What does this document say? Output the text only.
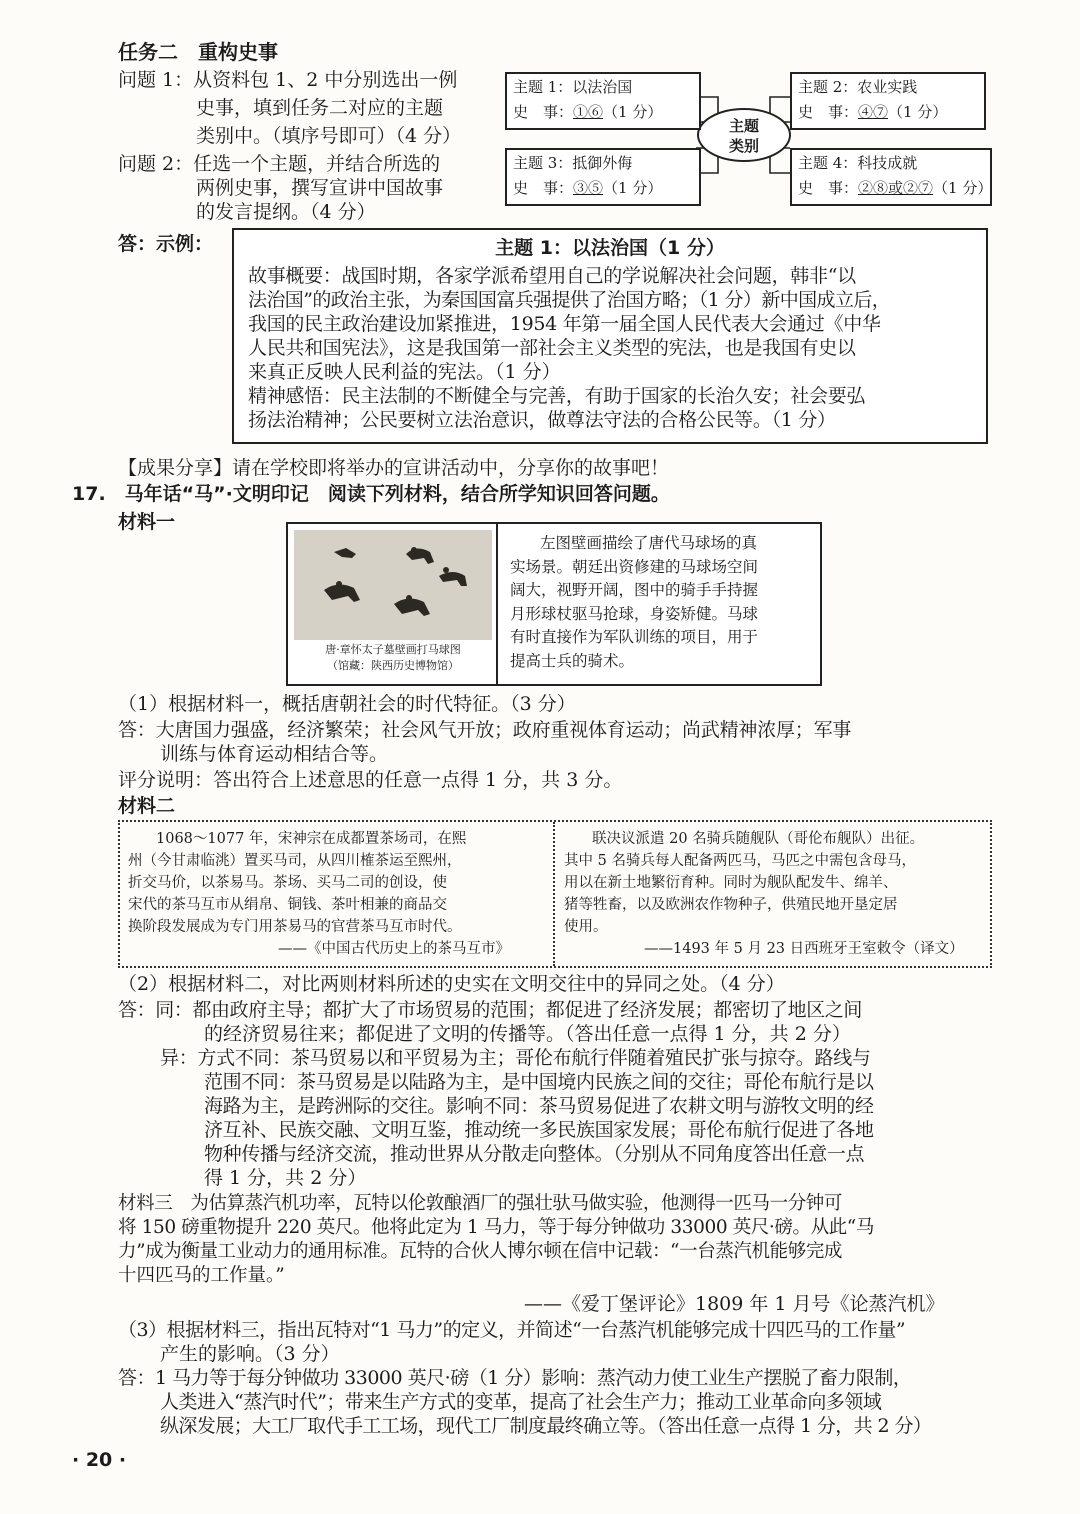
任务二　重构史事
问题 1：从资料包 1、2 中分别选出一例
史事，填到任务二对应的主题
类别中。（填序号即可）（4 分）
问题 2：任选一个主题，并结合所选的
两例史事，撰写宣讲中国故事
的发言提纲。（4 分）
主题
类别
主题 1：以法治国
史　事：①⑥（1 分）
主题 2：农业实践
史　事：④⑦（1 分）
主题 3：抵御外侮
史　事：③⑤（1 分）
主题 4：科技成就
史　事：②⑧或②⑦（1 分）
答：示例：	主题 1：以法治国（1 分）
故事概要：战国时期，各家学派希望用自己的学说解决社会问题，韩非“以
法治国”的政治主张，为秦国国富兵强提供了治国方略；（1 分）新中国成立后，
我国的民主政治建设加紧推进，1954 年第一届全国人民代表大会通过《中华
人民共和国宪法》，这是我国第一部社会主义类型的宪法，也是我国有史以
来真正反映人民利益的宪法。（1 分）
精神感悟：民主法制的不断健全与完善，有助于国家的长治久安；社会要弘
扬法治精神；公民要树立法治意识，做尊法守法的合格公民等。（1 分）
【成果分享】请在学校即将举办的宣讲活动中，分享你的故事吧！
17.　马年话“马”·文明印记　阅读下列材料，结合所学知识回答问题。
材料一
唐·章怀太子墓壁画打马球图
（馆藏：陕西历史博物馆）
左图壁画描绘了唐代马球场的真
实场景。朝廷出资修建的马球场空间
阔大，视野开阔，图中的骑手手持握
月形球杖驱马抢球，身姿矫健。马球
有时直接作为军队训练的项目，用于
提高士兵的骑术。
（1）根据材料一，概括唐朝社会的时代特征。（3 分）
答：大唐国力强盛，经济繁荣；社会风气开放；政府重视体育运动；尚武精神浓厚；军事
训练与体育运动相结合等。
评分说明：答出符合上述意思的任意一点得 1 分，共 3 分。
材料二
1068～1077 年，宋神宗在成都置茶场司，在熙
州（今甘肃临洮）置买马司，从四川榷茶运至熙州，
折交马价，以茶易马。茶场、买马二司的创设，使
宋代的茶马互市从绢帛、铜钱、茶叶相兼的商品交
换阶段发展成为专门用茶易马的官营茶马互市时代。
——《中国古代历史上的茶马互市》
联决议派遣 20 名骑兵随舰队（哥伦布舰队）出征。
其中 5 名骑兵每人配备两匹马，马匹之中需包含母马，
用以在新土地繁衍育种。同时为舰队配发牛、绵羊、
猪等牲畜，以及欧洲农作物种子，供殖民地开垦定居
使用。
——1493 年 5 月 23 日西班牙王室敕令（译文）
（2）根据材料二，对比两则材料所述的史实在文明交往中的异同之处。（4 分）
答：同：都由政府主导；都扩大了市场贸易的范围；都促进了经济发展；都密切了地区之间
的经济贸易往来；都促进了文明的传播等。（答出任意一点得 1 分，共 2 分）
异：方式不同：茶马贸易以和平贸易为主；哥伦布航行伴随着殖民扩张与掠夺。路线与
范围不同：茶马贸易是以陆路为主，是中国境内民族之间的交往；哥伦布航行是以
海路为主，是跨洲际的交往。影响不同：茶马贸易促进了农耕文明与游牧文明的经
济互补、民族交融、文明互鉴，推动统一多民族国家发展；哥伦布航行促进了各地
物种传播与经济交流，推动世界从分散走向整体。（分别从不同角度答出任意一点
得 1 分，共 2 分）
材料三　为估算蒸汽机功率，瓦特以伦敦酿酒厂的强壮驮马做实验，他测得一匹马一分钟可
将 150 磅重物提升 220 英尺。他将此定为 1 马力，等于每分钟做功 33000 英尺·磅。从此“马
力”成为衡量工业动力的通用标准。瓦特的合伙人博尔顿在信中记载：“一台蒸汽机能够完成
十四匹马的工作量。”
——《爱丁堡评论》1809 年 1 月号《论蒸汽机》
（3）根据材料三，指出瓦特对“1 马力”的定义，并简述“一台蒸汽机能够完成十四匹马的工作量”
产生的影响。（3 分）
答：1 马力等于每分钟做功 33000 英尺·磅（1 分）影响：蒸汽动力使工业生产摆脱了畜力限制，
人类进入“蒸汽时代”；带来生产方式的变革，提高了社会生产力；推动工业革命向多领域
纵深发展；大工厂取代手工工场，现代工厂制度最终确立等。（答出任意一点得 1 分，共 2 分）
· 20 ·
